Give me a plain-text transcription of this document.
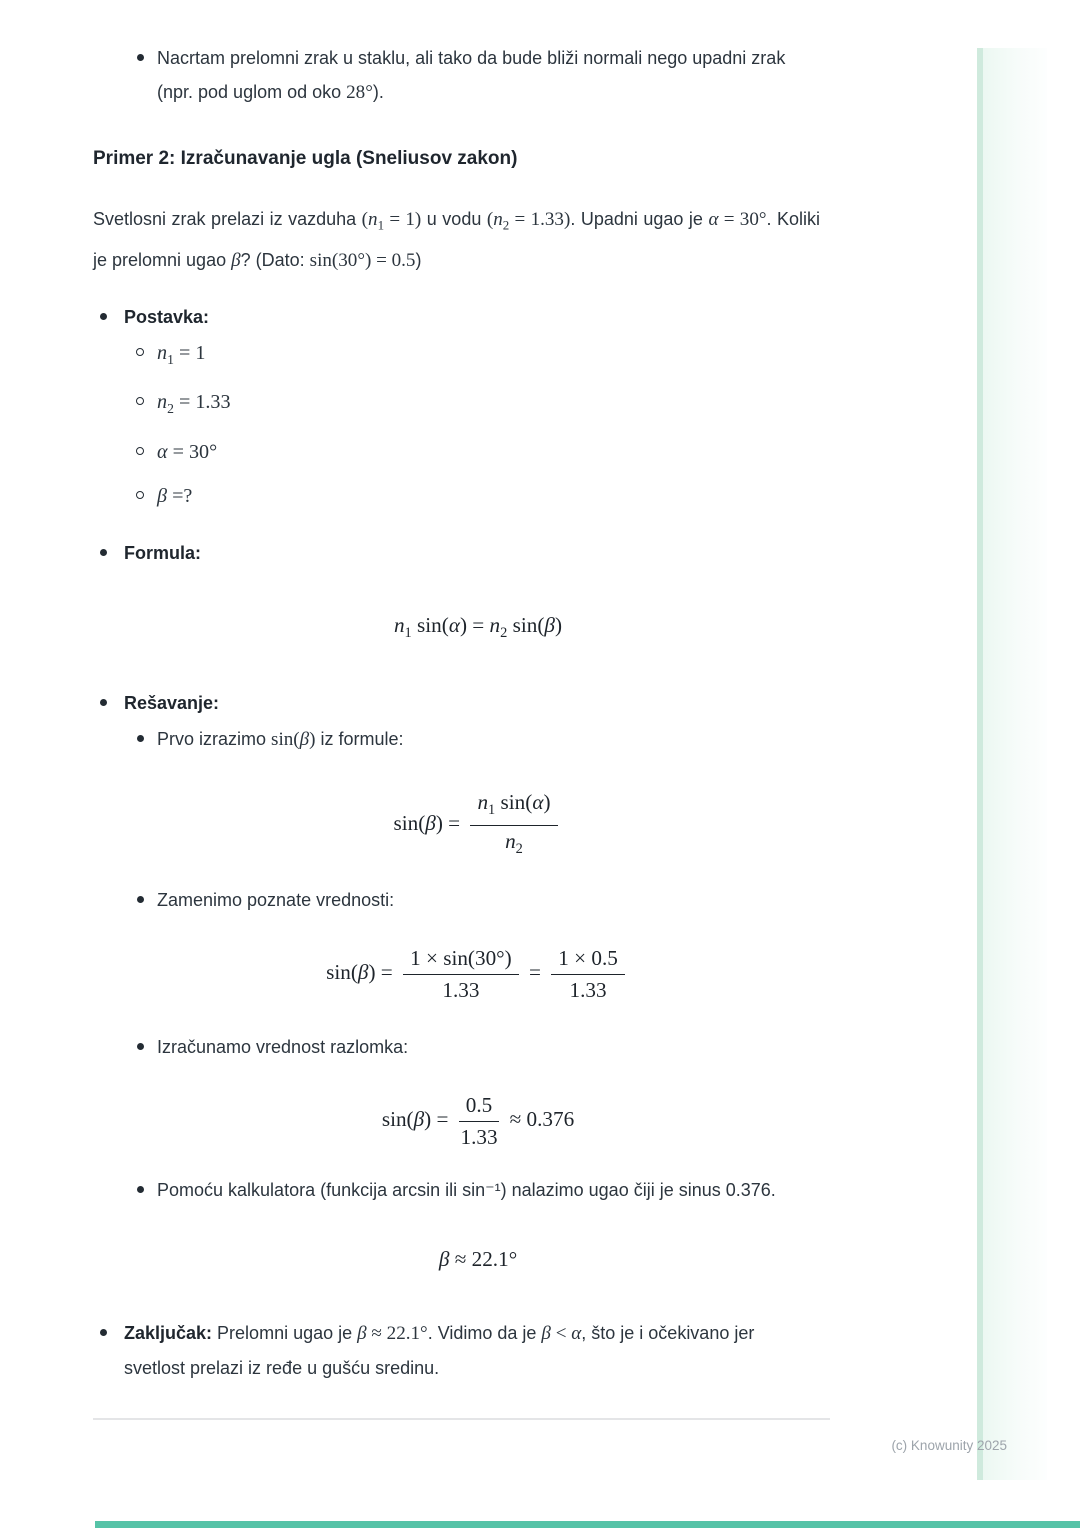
Nacrtam prelomni zrak u staklu, ali tako da bude bliži normali nego upadni zrak (npr. pod uglom od oko 28°).
Primer 2: Izračunavanje ugla (Sneliusov zakon)

Svetlosni zrak prelazi iz vazduha $(n_1 = 1)$ u vodu $(n_2 = 1.33)$. Upadni ugao je α = 30°. Koliki je prelomni ugao β? (Dato: sin(30°) = 0.5)

Postavka:
$n_1 = 1$
$n_2 = 1.33$
α = 30°
β =?
Formula:
$n_1$ $\sin(\alpha) = n_2$ sin(β)
Rešavanje:
Prvo izrazimo sin(β) iz formule:
$\sin(\beta) = \frac{n_1 \sin(\alpha)}{n_2}$
Zamenimo poznate vrednosti:
$\sin(\beta) = \frac{1 \times \sin(30^\circ)}{1.33} = \frac{1 \times 0.5}{1.33}$
Izračunamo vrednost razlomka:
$\sin(\beta) = \frac{0.5}{1.33} \approx 0.376$
Pomoću kalkulatora (funkcija arcsin ili sin⁻¹) nalazimo ugao čiji je sinus 0.376.
β ≈ 22.1°
Zaključak: Prelomni ugao je β ≈ 22.1°. Vidimo da je β < α, što je i očekivano jer svetlost prelazi iz ređe u gušću sredinu.
(c) Knowunity 2025
